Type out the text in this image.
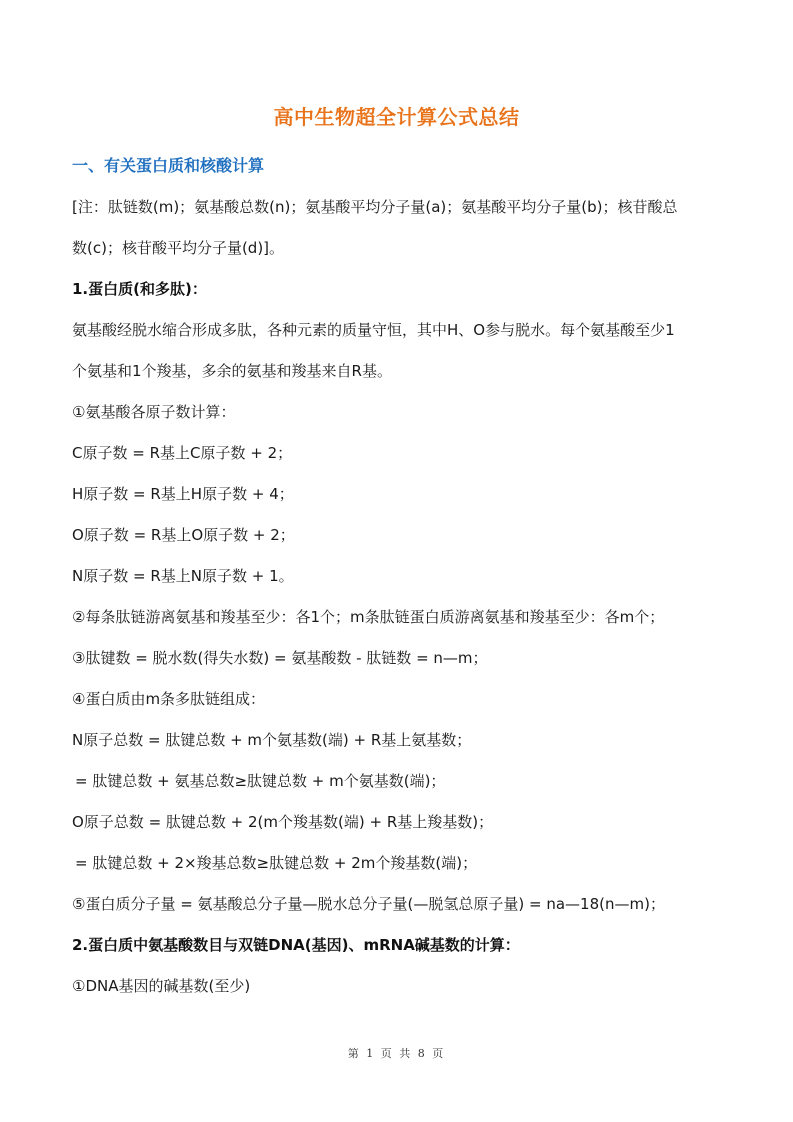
高中生物超全计算公式总结
一、有关蛋白质和核酸计算
[注：肽链数(m)；氨基酸总数(n)；氨基酸平均分子量(a)；氨基酸平均分子量(b)；核苷酸总
数(c)；核苷酸平均分子量(d)]。
1.蛋白质(和多肽)：
氨基酸经脱水缩合形成多肽，各种元素的质量守恒，其中H、O参与脱水。每个氨基酸至少1
个氨基和1个羧基，多余的氨基和羧基来自R基。
①氨基酸各原子数计算：
C原子数 = R基上C原子数 + 2；
H原子数 = R基上H原子数 + 4；
O原子数 = R基上O原子数 + 2；
N原子数 = R基上N原子数 + 1。
②每条肽链游离氨基和羧基至少：各1个；m条肽链蛋白质游离氨基和羧基至少：各m个；
③肽键数 = 脱水数(得失水数) = 氨基酸数 - 肽链数 = n—m；
④蛋白质由m条多肽链组成：
N原子总数 = 肽键总数 + m个氨基数(端) + R基上氨基数；
= 肽键总数 + 氨基总数≥肽键总数 + m个氨基数(端)；
O原子总数 = 肽键总数 + 2(m个羧基数(端) + R基上羧基数)；
= 肽键总数 + 2×羧基总数≥肽键总数 + 2m个羧基数(端)；
⑤蛋白质分子量 = 氨基酸总分子量—脱水总分子量(—脱氢总原子量) = na—18(n—m)；
2.蛋白质中氨基酸数目与双链DNA(基因)、mRNA碱基数的计算：
①DNA基因的碱基数(至少)
第 1 页 共 8 页
